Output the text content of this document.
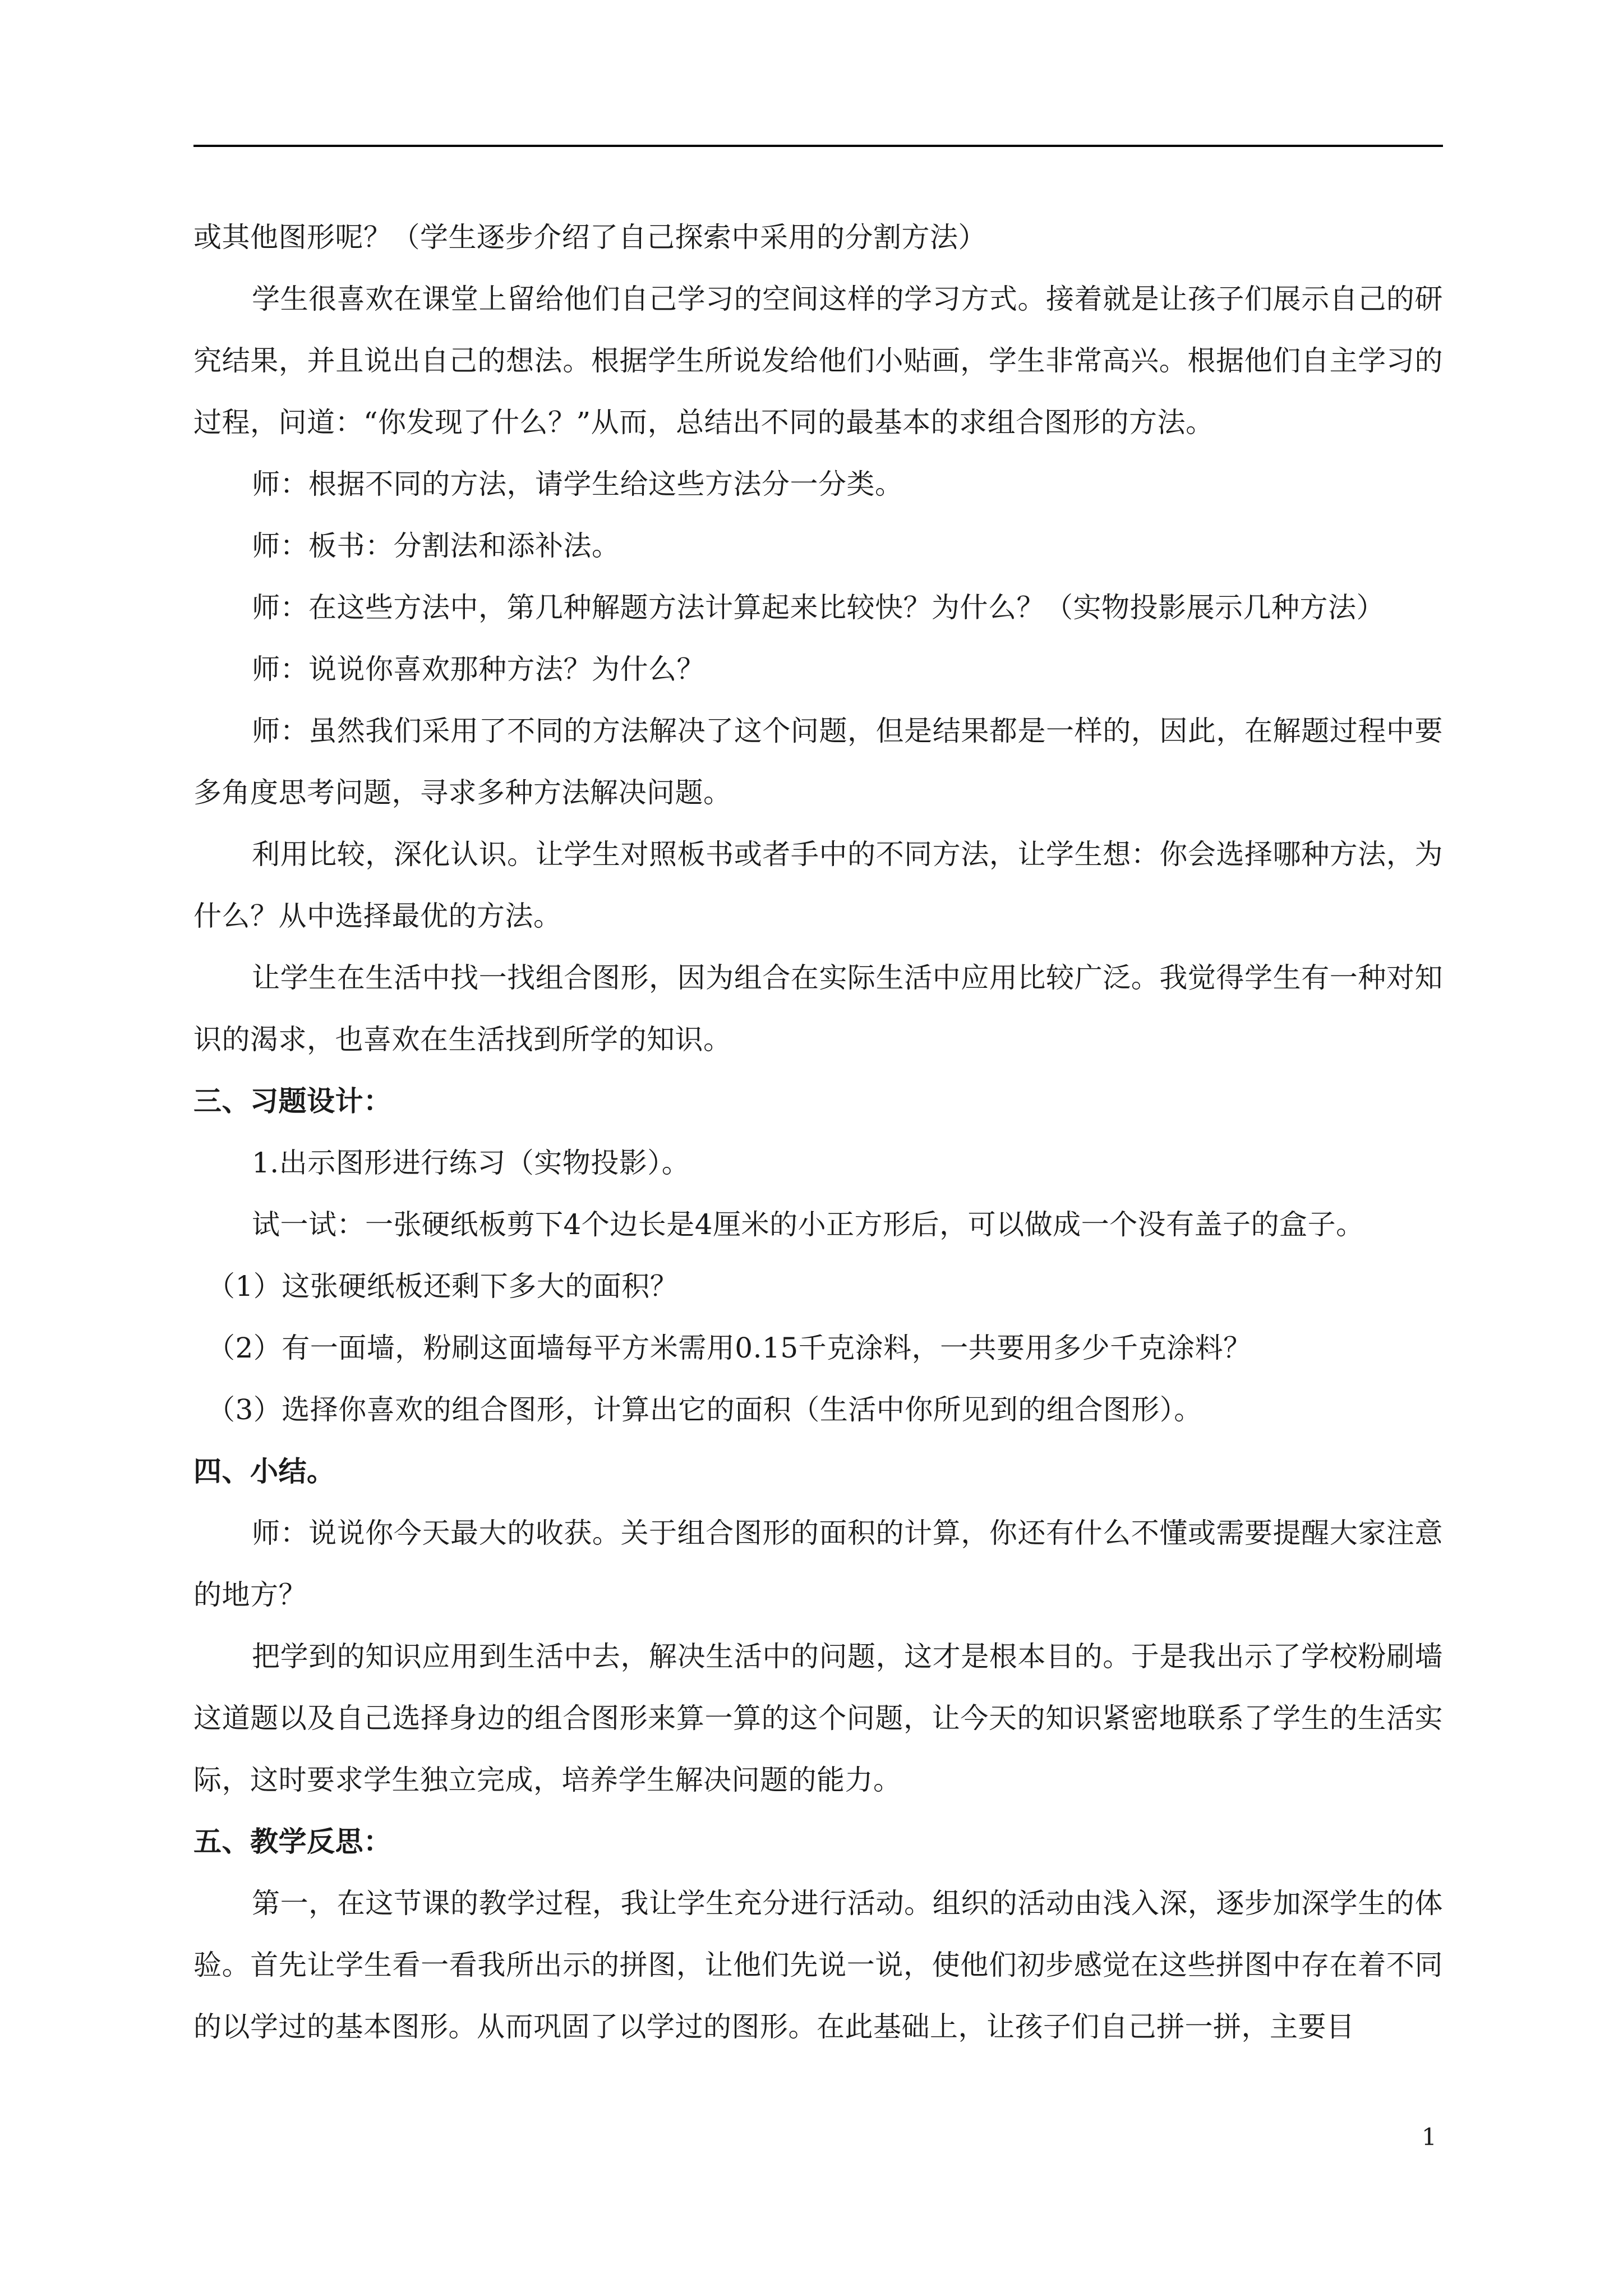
或其他图形呢？（学生逐步介绍了自己探索中采用的分割方法）

学生很喜欢在课堂上留给他们自己学习的空间这样的学习方式。接着就是让孩子们展示自己的研究结果，并且说出自己的想法。根据学生所说发给他们小贴画，学生非常高兴。根据他们自主学习的过程，问道：“你发现了什么？”从而，总结出不同的最基本的求组合图形的方法。

师：根据不同的方法，请学生给这些方法分一分类。

师：板书：分割法和添补法。

师：在这些方法中，第几种解题方法计算起来比较快？为什么？（实物投影展示几种方法）

师：说说你喜欢那种方法？为什么？

师：虽然我们采用了不同的方法解决了这个问题，但是结果都是一样的，因此，在解题过程中要多角度思考问题，寻求多种方法解决问题。

利用比较，深化认识。让学生对照板书或者手中的不同方法，让学生想：你会选择哪种方法，为什么？从中选择最优的方法。

让学生在生活中找一找组合图形，因为组合在实际生活中应用比较广泛。我觉得学生有一种对知识的渴求，也喜欢在生活找到所学的知识。

三、习题设计：

1.出示图形进行练习（实物投影）。

试一试：一张硬纸板剪下4个边长是4厘米的小正方形后，可以做成一个没有盖子的盒子。

（1）这张硬纸板还剩下多大的面积？

（2）有一面墙，粉刷这面墙每平方米需用0.15千克涂料，一共要用多少千克涂料？

（3）选择你喜欢的组合图形，计算出它的面积（生活中你所见到的组合图形）。

四、小结。

师：说说你今天最大的收获。关于组合图形的面积的计算，你还有什么不懂或需要提醒大家注意的地方？

把学到的知识应用到生活中去，解决生活中的问题，这才是根本目的。于是我出示了学校粉刷墙这道题以及自己选择身边的组合图形来算一算的这个问题，让今天的知识紧密地联系了学生的生活实际，这时要求学生独立完成，培养学生解决问题的能力。

五、教学反思：

第一，在这节课的教学过程，我让学生充分进行活动。组织的活动由浅入深，逐步加深学生的体验。首先让学生看一看我所出示的拼图，让他们先说一说，使他们初步感觉在这些拼图中存在着不同的以学过的基本图形。从而巩固了以学过的图形。在此基础上，让孩子们自己拼一拼，主要目

1
